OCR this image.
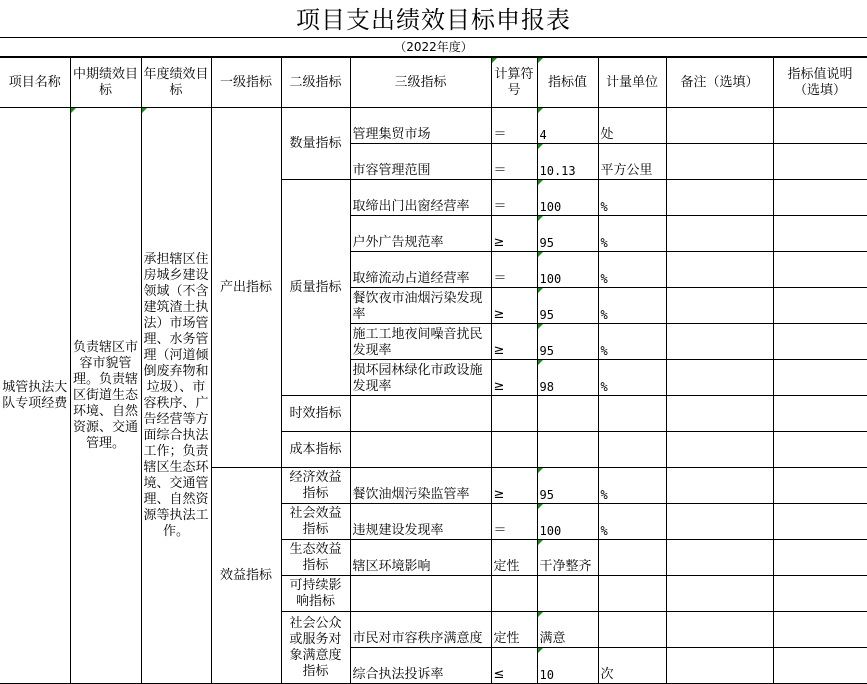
项目支出绩效目标申报表
（2022年度）
项目名称	中期绩效目标	年度绩效目标	一级指标	二级指标	三级指标	计算符号	指标值	计量单位	备注（选填）	指标值说明（选填）
城管执法大队专项经费	负责辖区市容市貌管理。负责辖区街道生态环境、自然资源、交通管理。	承担辖区住房城乡建设领域（不含建筑渣土执法）市场管理、水务管理（河道倾倒废弃物和垃圾）、市容秩序、广告经营等方面综合执法工作；负责辖区生态环境、交通管理、自然资源等执法工作。	产出指标	数量指标	管理集贸市场	＝	4	处		
					市容管理范围	＝	10.13	平方公里		
				质量指标	取缔出门出窗经营率	＝	100	%		
					户外广告规范率	≥	95	%		
					取缔流动占道经营率	＝	100	%		
					餐饮夜市油烟污染发现率	≥	95	%		
					施工工地夜间噪音扰民发现率	≥	95	%		
					损坏园林绿化市政设施发现率	≥	98	%		
				时效指标						
				成本指标						
			效益指标	经济效益指标	餐饮油烟污染监管率	≥	95	%		
				社会效益指标	违规建设发现率	＝	100	%		
				生态效益指标	辖区环境影响	定性	干净整齐			
				可持续影响指标						
				社会公众或服务对象满意度指标	市民对市容秩序满意度	定性	满意			
					综合执法投诉率	≤	10	次		
